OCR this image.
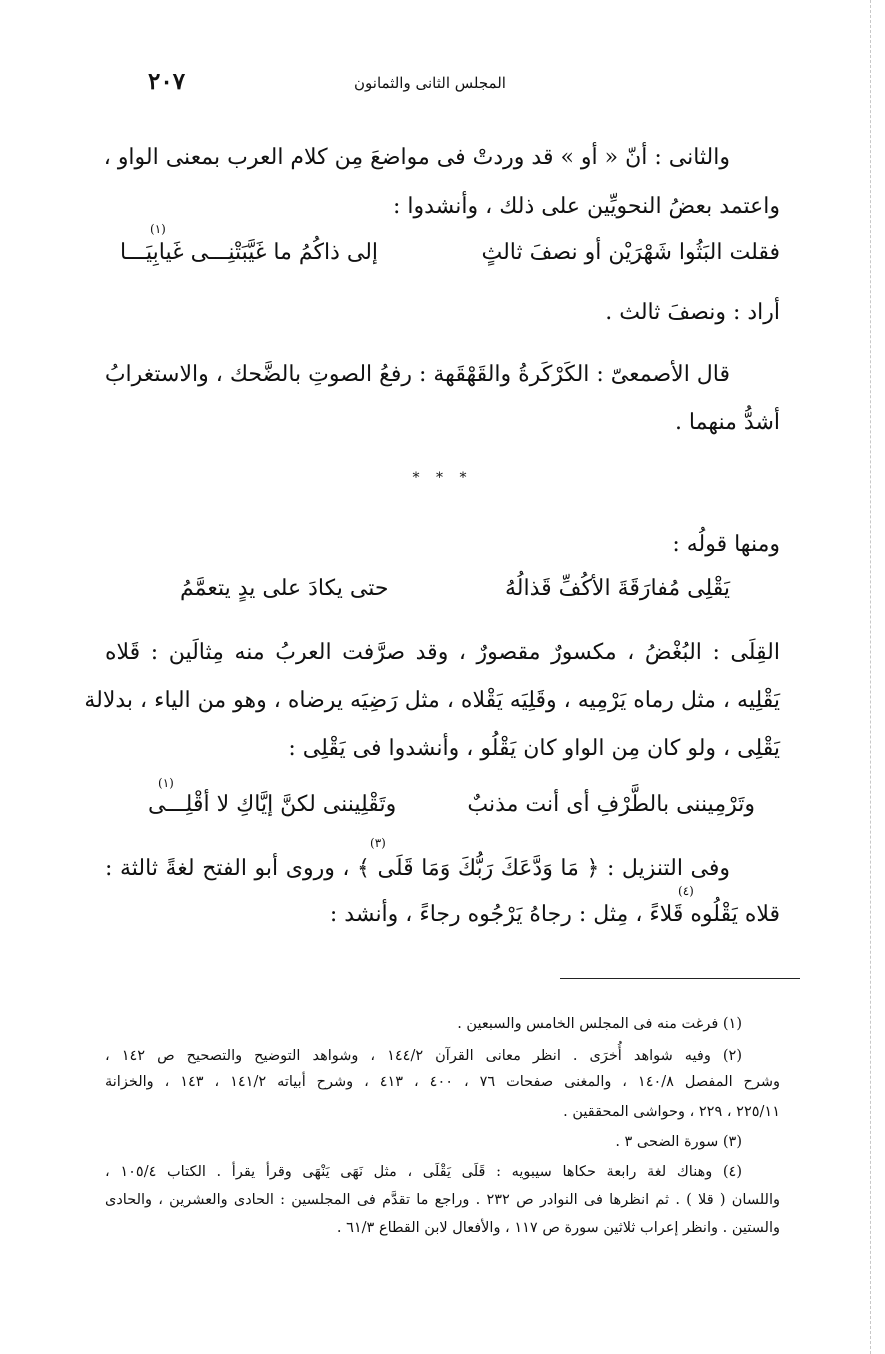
٢٠٧	المجلس الثانى والثمانون
والثانى : أنّ « أو » قد وردتْ فى مواضعَ مِن كلام العرب بمعنى الواو ،
واعتمد بعضُ النحويِّين على ذلك ، وأنشدوا :
فقلت البَثُوا شَهْرَيْن أو نصفَ ثالثٍ
إلى ذاكُمُ ما غَيَّبَتْنِـــى غَيابِيَـــا
(١)
أراد : ونصفَ ثالث .
قال الأصمعىّ : الكَرْكَرةُ والقَهْقَهة : رفعُ الصوتِ بالضَّحك ، والاستغرابُ
أشدُّ منهما .
* * *
ومنها قولُه :
يَقْلِى مُفارَقَةَ الأكُفِّ قَذالُهُ
حتى يكادَ على يدٍ يتعمَّمُ
القِلَى : البُغْضُ ، مكسورٌ مقصورٌ ، وقد صرَّفت العربُ منه مِثالَين : قَلاه
يَقْلِيه ، مثل رماه يَرْمِيه ، وقَلِيَه يَقْلاه ، مثل رَضِيَه يرضاه ، وهو من الياء ، بدلالة
يَقْلِى ، ولو كان مِن الواو كان يَقْلُو ، وأنشدوا فى يَقْلِى :
وتَرْمِيننى بالطَّرْفِ أى أنت مذنبٌ
وتَقْلِيننى لكنَّ إيَّاكِ لا أقْلِـــى
(١)
وفى التنزيل : ﴿ مَا وَدَّعَكَ رَبُّكَ وَمَا قَلَى ﴾ ، وروى أبو الفتح لغةً ثالثة :
(٣)
قلاه يَقْلُوه قَلاءً ، مِثل : رجاهُ يَرْجُوه رجاءً ، وأنشد :
(٤)
(١) فرغت منه فى المجلس الخامس والسبعين .
(٢) وفيه شواهد أُخرَى . انظر معانى القرآن ١٤٤/٢ ، وشواهد التوضيح والتصحيح ص ١٤٢ ،
وشرح المفصل ١٤٠/٨ ، والمغنى صفحات ٧٦ ، ٤٠٠ ، ٤١٣ ، وشرح أبياته ١٤١/٢ ، ١٤٣ ، والخزانة
٢٢٥/١١ ، ٢٢٩ ، وحواشى المحققين .
(٣) سورة الضحى ٣ .
(٤) وهناك لغة رابعة حكاها سيبويه : قَلَى يَقْلَى ، مثل نَهَى يَنْهَى وقرأ يقرأ . الكتاب ١٠٥/٤ ،
واللسان ( قلا ) . ثم انظرها فى النوادر ص ٢٣٢ . وراجع ما تقدَّم فى المجلسين : الحادى والعشرين ، والحادى
والستين . وانظر إعراب ثلاثين سورة ص ١١٧ ، والأفعال لابن القطاع ٦١/٣ .
